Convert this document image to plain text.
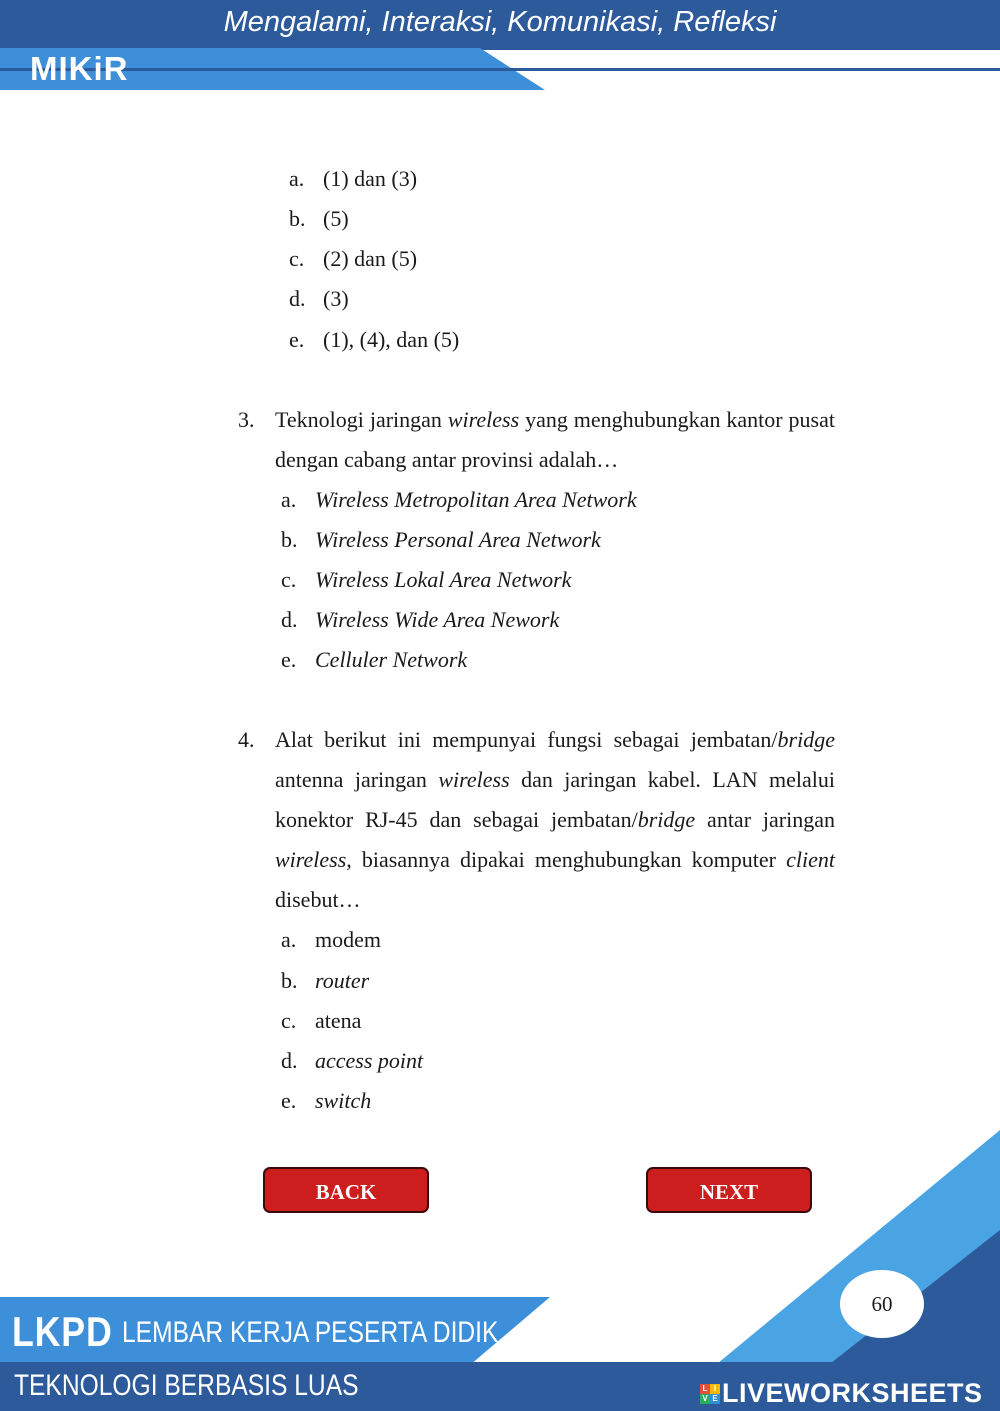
Mengalami, Interaksi, Komunikasi, Refleksi
MIKiR
a. (1) dan (3)
b. (5)
c. (2) dan (5)
d. (3)
e. (1), (4), dan (5)
3. Teknologi jaringan wireless yang menghubungkan kantor pusat dengan cabang antar provinsi adalah…
a. Wireless Metropolitan Area Network
b. Wireless Personal Area Network
c. Wireless Lokal Area Network
d. Wireless Wide Area Nework
e. Celluler Network
4. Alat berikut ini mempunyai fungsi sebagai jembatan/bridge antenna jaringan wireless dan jaringan kabel. LAN melalui konektor RJ-45 dan sebagai jembatan/bridge antar jaringan wireless, biasannya dipakai menghubungkan komputer client disebut…
a. modem
b. router
c. atena
d. access point
e. switch
BACK	NEXT
LKPD LEMBAR KERJA PESERTA DIDIK
TEKNOLOGI BERBASIS LUAS
60
L I
V E LIVEWORKSHEETS
